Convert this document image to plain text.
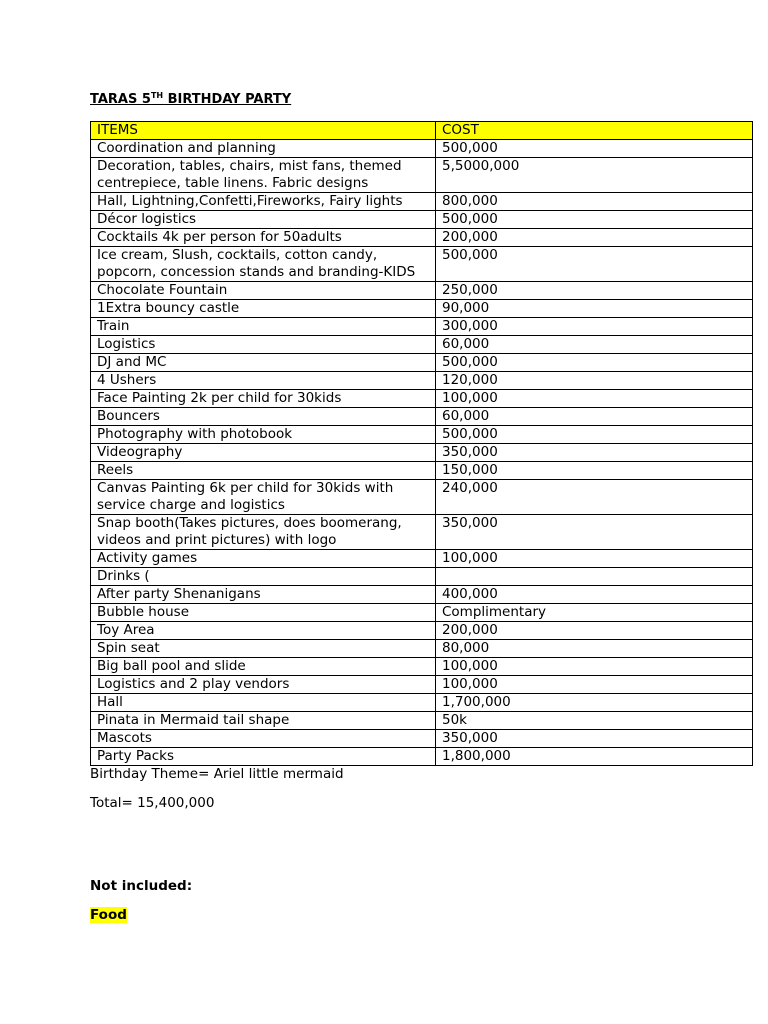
TARAS 5TH BIRTHDAY PARTY
ITEMS	COST
Coordination and planning	500,000
Decoration, tables, chairs, mist fans, themed centrepiece, table linens. Fabric designs	5,5000,000
Hall, Lightning,Confetti,Fireworks, Fairy lights	800,000
Décor logistics	500,000
Cocktails 4k per person for 50adults	200,000
Ice cream, Slush, cocktails, cotton candy, popcorn, concession stands and branding-KIDS	500,000
Chocolate Fountain	250,000
1Extra bouncy castle	90,000
Train	300,000
Logistics	60,000
DJ and MC	500,000
4 Ushers	120,000
Face Painting 2k per child for 30kids	100,000
Bouncers	60,000
Photography with photobook	500,000
Videography	350,000
Reels	150,000
Canvas Painting 6k per child for 30kids with service charge and logistics	240,000
Snap booth(Takes pictures, does boomerang, videos and print pictures) with logo	350,000
Activity games	100,000
Drinks (	
After party Shenanigans	400,000
Bubble house	Complimentary
Toy Area	200,000
Spin seat	80,000
Big ball pool and slide	100,000
Logistics and 2 play vendors	100,000
Hall	1,700,000
Pinata in Mermaid tail shape	50k
Mascots	350,000
Party Packs	1,800,000
Birthday Theme= Ariel little mermaid
Total= 15,400,000
Not included:
Food
